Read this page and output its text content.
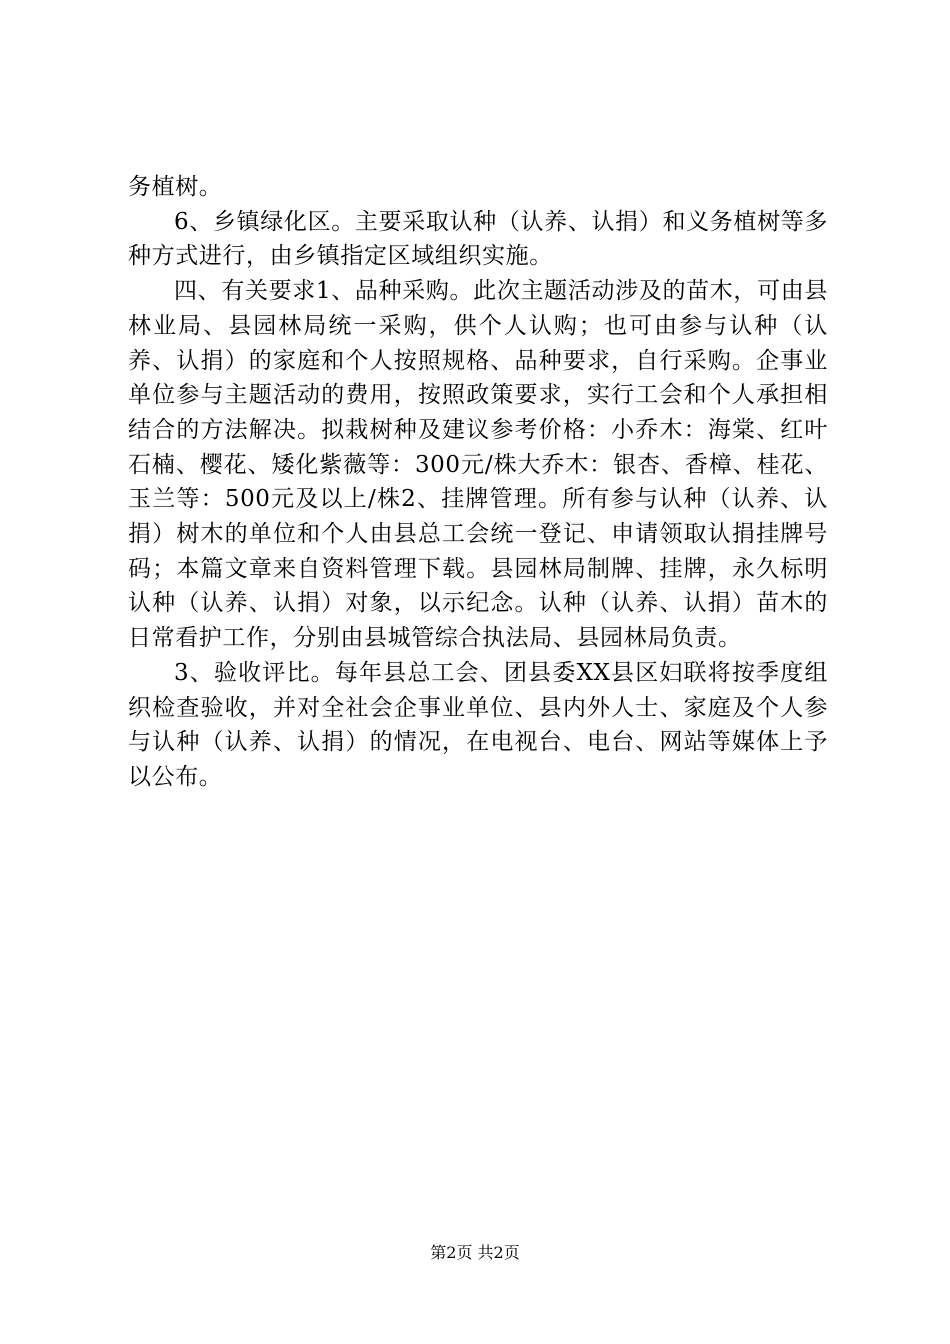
务植树。

6、乡镇绿化区。主要采取认种（认养、认捐）和义务植树等多种方式进行，由乡镇指定区域组织实施。

四、有关要求1、品种采购。此次主题活动涉及的苗木，可由县林业局、县园林局统一采购，供个人认购；也可由参与认种（认养、认捐）的家庭和个人按照规格、品种要求，自行采购。企事业单位参与主题活动的费用，按照政策要求，实行工会和个人承担相结合的方法解决。拟栽树种及建议参考价格：小乔木：海棠、红叶石楠、樱花、矮化紫薇等：300元/株大乔木：银杏、香樟、桂花、玉兰等：500元及以上/株2、挂牌管理。所有参与认种（认养、认捐）树木的单位和个人由县总工会统一登记、申请领取认捐挂牌号码；本篇文章来自资料管理下载。县园林局制牌、挂牌，永久标明认种（认养、认捐）对象，以示纪念。认种（认养、认捐）苗木的日常看护工作，分别由县城管综合执法局、县园林局负责。

3、验收评比。每年县总工会、团县委XX县区妇联将按季度组织检查验收，并对全社会企事业单位、县内外人士、家庭及个人参与认种（认养、认捐）的情况，在电视台、电台、网站等媒体上予以公布。

第2页 共2页
